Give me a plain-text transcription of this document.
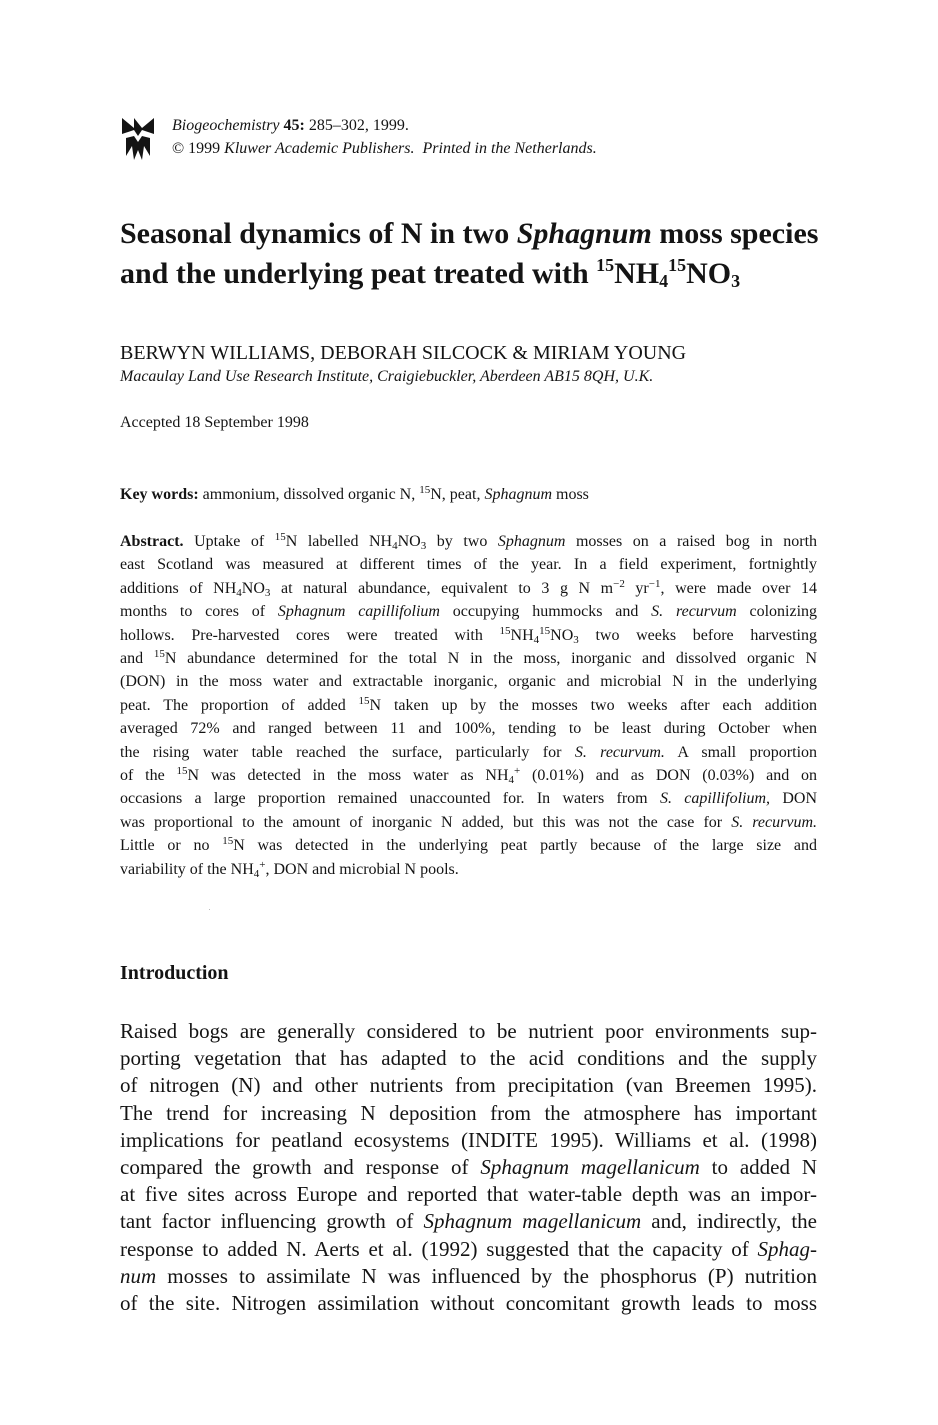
Biogeochemistry 45: 285–302, 1999.
© 1999 Kluwer Academic Publishers. Printed in the Netherlands.
Seasonal dynamics of N in two Sphagnum moss species
and the underlying peat treated with $^{15}NH_4^{15}NO_3$
BERWYN WILLIAMS, DEBORAH SILCOCK & MIRIAM YOUNG
Macaulay Land Use Research Institute, Craigiebuckler, Aberdeen AB15 8QH, U.K.
Accepted 18 September 1998
Key words: ammonium, dissolved organic N, $^{15}$N, peat, Sphagnum moss
Abstract. Uptake of $^{15}$N labelled $NH_4NO_3$ by two Sphagnum mosses on a raised bog in north
east Scotland was measured at different times of the year. In a field experiment, fortnightly
additions of $NH_4NO_3$ at natural abundance, equivalent to 3 g N $m^{-2}$ $yr^{-1}$, were made over 14
months to cores of Sphagnum capillifolium occupying hummocks and S. recurvum colonizing
hollows. Pre-harvested cores were treated with $^{15}NH_4^{15}NO_3$ two weeks before harvesting
and $^{15}$N abundance determined for the total N in the moss, inorganic and dissolved organic N
(DON) in the moss water and extractable inorganic, organic and microbial N in the underlying
peat. The proportion of added $^{15}$N taken up by the mosses two weeks after each addition
averaged 72% and ranged between 11 and 100%, tending to be least during October when
the rising water table reached the surface, particularly for S. recurvum. A small proportion
of the $^{15}$N was detected in the moss water as $NH_4^+$ (0.01%) and as DON (0.03%) and on
occasions a large proportion remained unaccounted for. In waters from S. capillifolium, DON
was proportional to the amount of inorganic N added, but this was not the case for S. recurvum.
Little or no $^{15}$N was detected in the underlying peat partly because of the large size and
variability of the $NH_4^+$, DON and microbial N pools.
Introduction
Raised bogs are generally considered to be nutrient poor environments sup-
porting vegetation that has adapted to the acid conditions and the supply
of nitrogen (N) and other nutrients from precipitation (van Breemen 1995).
The trend for increasing N deposition from the atmosphere has important
implications for peatland ecosystems (INDITE 1995). Williams et al. (1998)
compared the growth and response of Sphagnum magellanicum to added N
at five sites across Europe and reported that water-table depth was an impor-
tant factor influencing growth of Sphagnum magellanicum and, indirectly, the
response to added N. Aerts et al. (1992) suggested that the capacity of Sphag-
num mosses to assimilate N was influenced by the phosphorus (P) nutrition
of the site. Nitrogen assimilation without concomitant growth leads to moss
